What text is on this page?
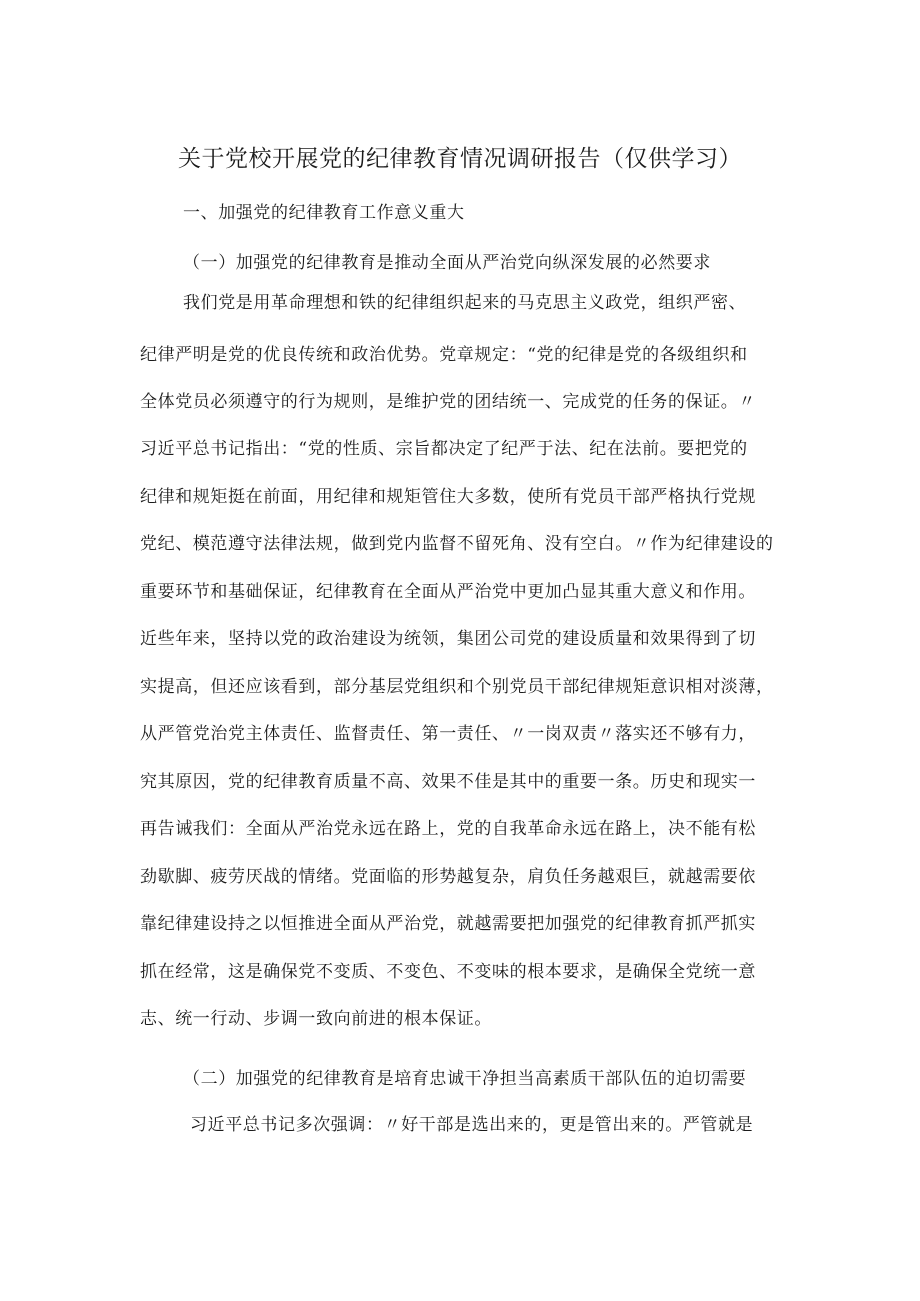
关于党校开展党的纪律教育情况调研报告（仅供学习）
一、加强党的纪律教育工作意义重大
（一）加强党的纪律教育是推动全面从严治党向纵深发展的必然要求
我们党是用革命理想和铁的纪律组织起来的马克思主义政党，组织严密、
纪律严明是党的优良传统和政治优势。党章规定：“党的纪律是党的各级组织和
全体党员必须遵守的行为规则，是维护党的团结统一、完成党的任务的保证。〃
习近平总书记指出：“党的性质、宗旨都决定了纪严于法、纪在法前。要把党的
纪律和规矩挺在前面，用纪律和规矩管住大多数，使所有党员干部严格执行党规
党纪、模范遵守法律法规，做到党内监督不留死角、没有空白。〃作为纪律建设的
重要环节和基础保证，纪律教育在全面从严治党中更加凸显其重大意义和作用。
近些年来，坚持以党的政治建设为统领，集团公司党的建设质量和效果得到了切
实提高，但还应该看到，部分基层党组织和个别党员干部纪律规矩意识相对淡薄，
从严管党治党主体责任、监督责任、第一责任、〃一岗双责〃落实还不够有力，
究其原因，党的纪律教育质量不高、效果不佳是其中的重要一条。历史和现实一
再告诫我们：全面从严治党永远在路上，党的自我革命永远在路上，决不能有松
劲歇脚、疲劳厌战的情绪。党面临的形势越复杂，肩负任务越艰巨，就越需要依
靠纪律建设持之以恒推进全面从严治党，就越需要把加强党的纪律教育抓严抓实
抓在经常，这是确保党不变质、不变色、不变味的根本要求，是确保全党统一意
志、统一行动、步调一致向前进的根本保证。
（二）加强党的纪律教育是培育忠诚干净担当高素质干部队伍的迫切需要
习近平总书记多次强调：〃好干部是选出来的，更是管出来的。严管就是
